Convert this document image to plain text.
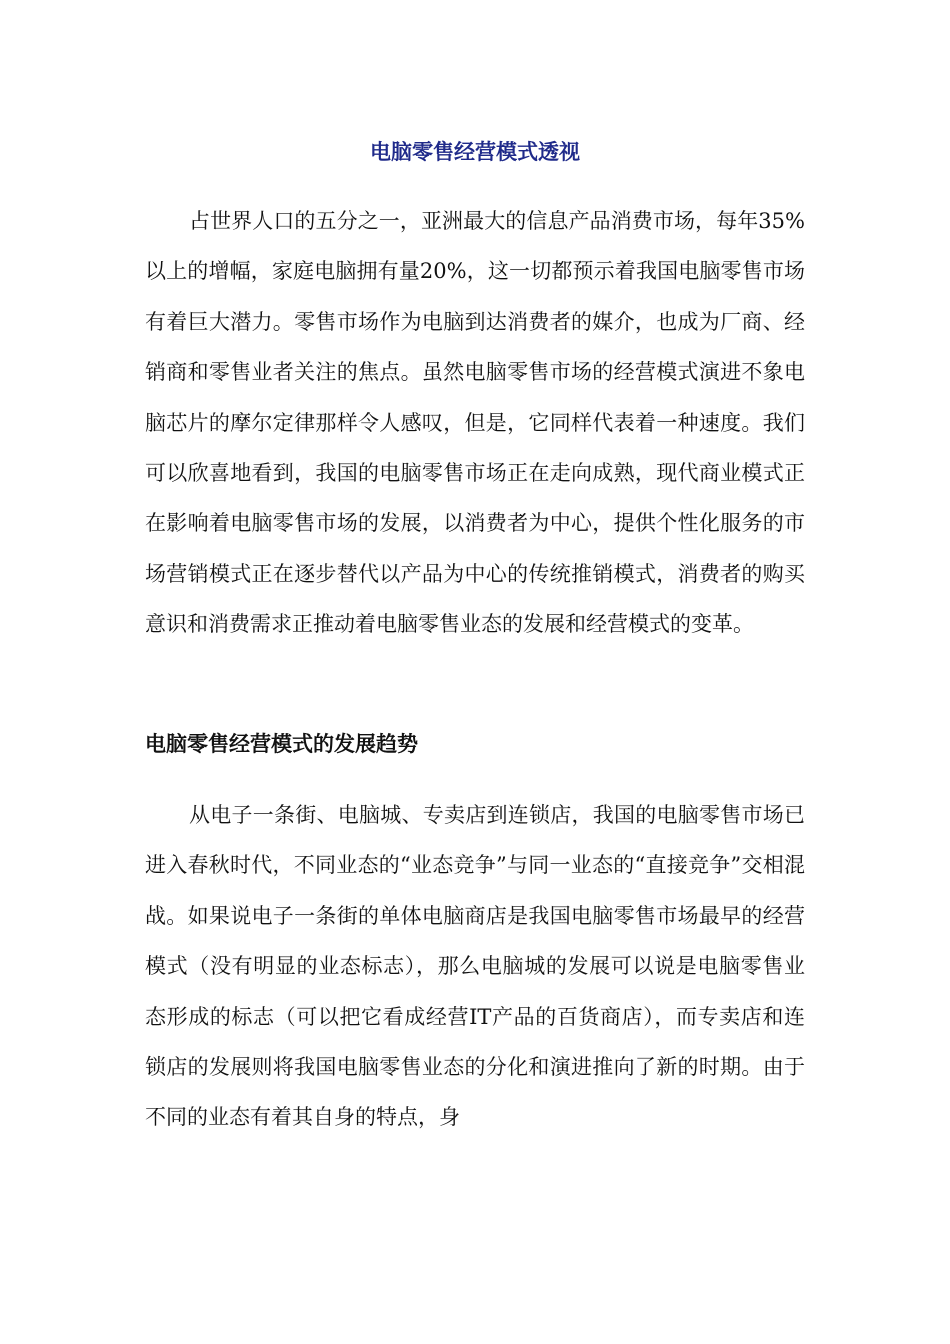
电脑零售经营模式透视

占世界人口的五分之一，亚洲最大的信息产品消费市场，每年35%以上的增幅，家庭电脑拥有量20%，这一切都预示着我国电脑零售市场有着巨大潜力。零售市场作为电脑到达消费者的媒介，也成为厂商、经销商和零售业者关注的焦点。虽然电脑零售市场的经营模式演进不象电脑芯片的摩尔定律那样令人感叹，但是，它同样代表着一种速度。我们可以欣喜地看到，我国的电脑零售市场正在走向成熟，现代商业模式正在影响着电脑零售市场的发展，以消费者为中心，提供个性化服务的市场营销模式正在逐步替代以产品为中心的传统推销模式，消费者的购买意识和消费需求正推动着电脑零售业态的发展和经营模式的变革。

电脑零售经营模式的发展趋势

从电子一条街、电脑城、专卖店到连锁店，我国的电脑零售市场已进入春秋时代，不同业态的“业态竞争”与同一业态的“直接竞争”交相混战。如果说电子一条街的单体电脑商店是我国电脑零售市场最早的经营模式（没有明显的业态标志），那么电脑城的发展可以说是电脑零售业态形成的标志（可以把它看成经营IT产品的百货商店），而专卖店和连锁店的发展则将我国电脑零售业态的分化和演进推向了新的时期。由于不同的业态有着其自身的特点，身
